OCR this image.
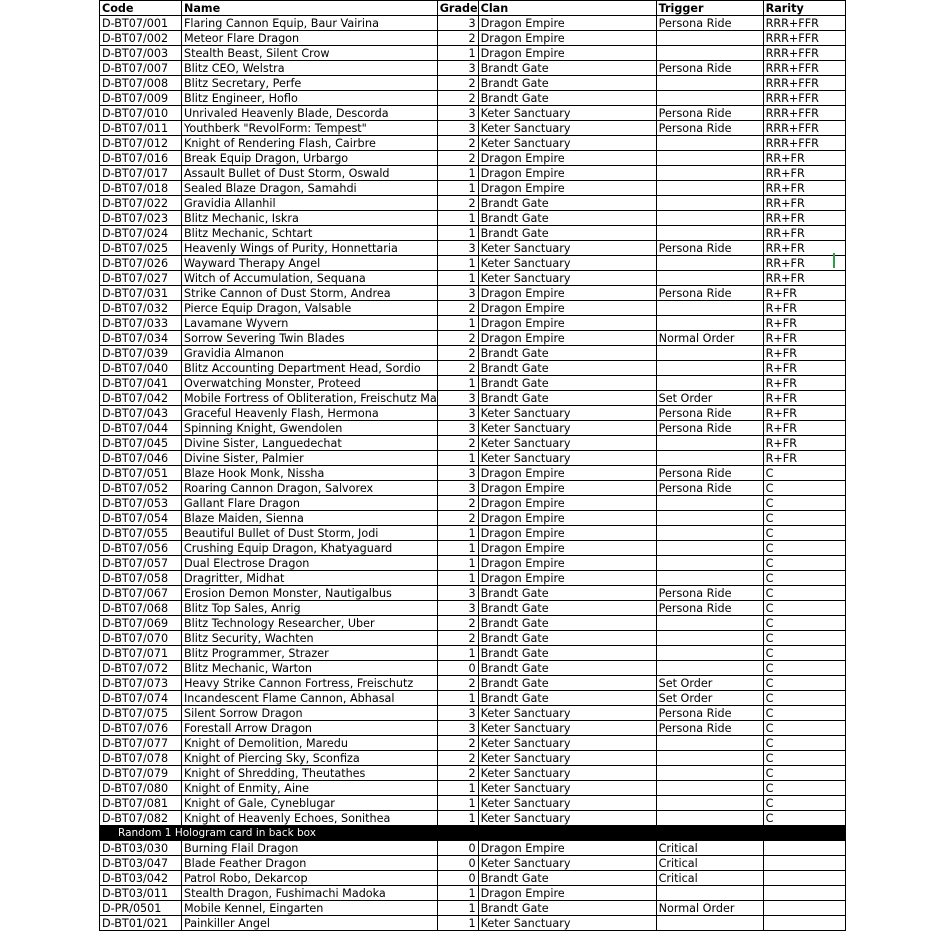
Code	Name	Grade	Clan	Trigger	Rarity
D-BT07/001	Flaring Cannon Equip, Baur Vairina	3	Dragon Empire	Persona Ride	RRR+FFR
D-BT07/002	Meteor Flare Dragon	2	Dragon Empire		RRR+FFR
D-BT07/003	Stealth Beast, Silent Crow	1	Dragon Empire		RRR+FFR
D-BT07/007	Blitz CEO, Welstra	3	Brandt Gate	Persona Ride	RRR+FFR
D-BT07/008	Blitz Secretary, Perfe	2	Brandt Gate		RRR+FFR
D-BT07/009	Blitz Engineer, Hoflo	2	Brandt Gate		RRR+FFR
D-BT07/010	Unrivaled Heavenly Blade, Descorda	3	Keter Sanctuary	Persona Ride	RRR+FFR
D-BT07/011	Youthberk "RevolForm: Tempest"	3	Keter Sanctuary	Persona Ride	RRR+FFR
D-BT07/012	Knight of Rendering Flash, Cairbre	2	Keter Sanctuary		RRR+FFR
D-BT07/016	Break Equip Dragon, Urbargo	2	Dragon Empire		RR+FR
D-BT07/017	Assault Bullet of Dust Storm, Oswald	1	Dragon Empire		RR+FR
D-BT07/018	Sealed Blaze Dragon, Samahdi	1	Dragon Empire		RR+FR
D-BT07/022	Gravidia Allanhil	2	Brandt Gate		RR+FR
D-BT07/023	Blitz Mechanic, Iskra	1	Brandt Gate		RR+FR
D-BT07/024	Blitz Mechanic, Schtart	1	Brandt Gate		RR+FR
D-BT07/025	Heavenly Wings of Purity, Honnettaria	3	Keter Sanctuary	Persona Ride	RR+FR
D-BT07/026	Wayward Therapy Angel	1	Keter Sanctuary		RR+FR
D-BT07/027	Witch of Accumulation, Sequana	1	Keter Sanctuary		RR+FR
D-BT07/031	Strike Cannon of Dust Storm, Andrea	3	Dragon Empire	Persona Ride	R+FR
D-BT07/032	Pierce Equip Dragon, Valsable	2	Dragon Empire		R+FR
D-BT07/033	Lavamane Wyvern	1	Dragon Empire		R+FR
D-BT07/034	Sorrow Severing Twin Blades	2	Dragon Empire	Normal Order	R+FR
D-BT07/039	Gravidia Almanon	2	Brandt Gate		R+FR
D-BT07/040	Blitz Accounting Department Head, Sordio	2	Brandt Gate		R+FR
D-BT07/041	Overwatching Monster, Proteed	1	Brandt Gate		R+FR
D-BT07/042	Mobile Fortress of Obliteration, Freischutz Ma	3	Brandt Gate	Set Order	R+FR
D-BT07/043	Graceful Heavenly Flash, Hermona	3	Keter Sanctuary	Persona Ride	R+FR
D-BT07/044	Spinning Knight, Gwendolen	3	Keter Sanctuary	Persona Ride	R+FR
D-BT07/045	Divine Sister, Languedechat	2	Keter Sanctuary		R+FR
D-BT07/046	Divine Sister, Palmier	1	Keter Sanctuary		R+FR
D-BT07/051	Blaze Hook Monk, Nissha	3	Dragon Empire	Persona Ride	C
D-BT07/052	Roaring Cannon Dragon, Salvorex	3	Dragon Empire	Persona Ride	C
D-BT07/053	Gallant Flare Dragon	2	Dragon Empire		C
D-BT07/054	Blaze Maiden, Sienna	2	Dragon Empire		C
D-BT07/055	Beautiful Bullet of Dust Storm, Jodi	1	Dragon Empire		C
D-BT07/056	Crushing Equip Dragon, Khatyaguard	1	Dragon Empire		C
D-BT07/057	Dual Electrose Dragon	1	Dragon Empire		C
D-BT07/058	Dragritter, Midhat	1	Dragon Empire		C
D-BT07/067	Erosion Demon Monster, Nautigalbus	3	Brandt Gate	Persona Ride	C
D-BT07/068	Blitz Top Sales, Anrig	3	Brandt Gate	Persona Ride	C
D-BT07/069	Blitz Technology Researcher, Uber	2	Brandt Gate		C
D-BT07/070	Blitz Security, Wachten	2	Brandt Gate		C
D-BT07/071	Blitz Programmer, Strazer	1	Brandt Gate		C
D-BT07/072	Blitz Mechanic, Warton	0	Brandt Gate		C
D-BT07/073	Heavy Strike Cannon Fortress, Freischutz	2	Brandt Gate	Set Order	C
D-BT07/074	Incandescent Flame Cannon, Abhasal	1	Brandt Gate	Set Order	C
D-BT07/075	Silent Sorrow Dragon	3	Keter Sanctuary	Persona Ride	C
D-BT07/076	Forestall Arrow Dragon	3	Keter Sanctuary	Persona Ride	C
D-BT07/077	Knight of Demolition, Maredu	2	Keter Sanctuary		C
D-BT07/078	Knight of Piercing Sky, Sconfiza	2	Keter Sanctuary		C
D-BT07/079	Knight of Shredding, Theutathes	2	Keter Sanctuary		C
D-BT07/080	Knight of Enmity, Aine	1	Keter Sanctuary		C
D-BT07/081	Knight of Gale, Cyneblugar	1	Keter Sanctuary		C
D-BT07/082	Knight of Heavenly Echoes, Sonithea	1	Keter Sanctuary		C
Random 1 Hologram card in back box					
D-BT03/030	Burning Flail Dragon	0	Dragon Empire	Critical	
D-BT03/047	Blade Feather Dragon	0	Keter Sanctuary	Critical	
D-BT03/042	Patrol Robo, Dekarcop	0	Brandt Gate	Critical	
D-BT03/011	Stealth Dragon, Fushimachi Madoka	1	Dragon Empire		
D-PR/0501	Mobile Kennel, Eingarten	1	Brandt Gate	Normal Order	
D-BT01/021	Painkiller Angel	1	Keter Sanctuary		
